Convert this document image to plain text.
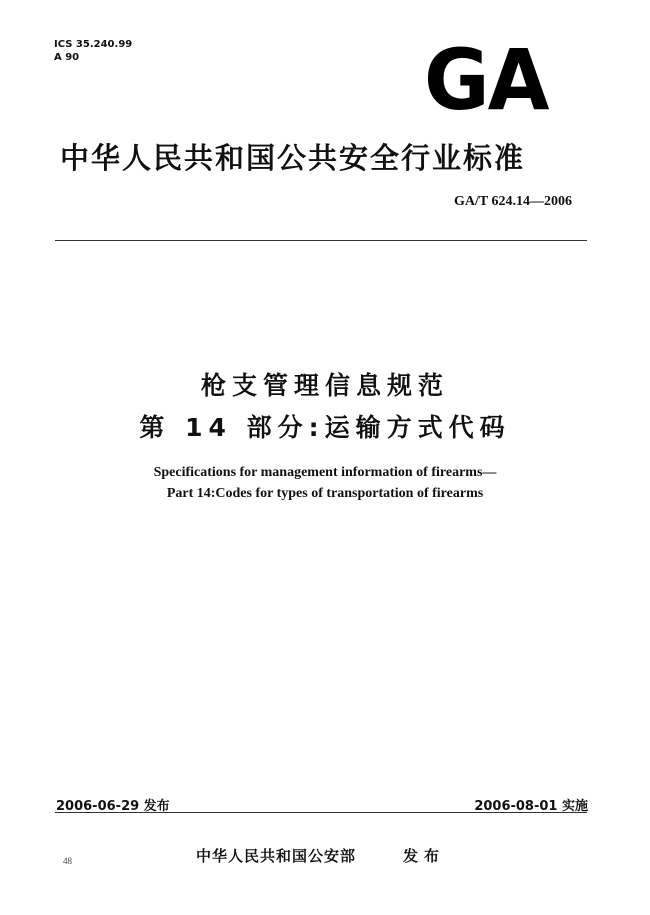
ICS 35.240.99
A 90	GA
中华人民共和国公共安全行业标准
GA/T 624.14—2006
枪支管理信息规范
第 14 部分:运输方式代码
Specifications for management information of firearms—
Part 14:Codes for types of transportation of firearms
2006-06-29 发布	2006-08-01 实施
中华人民共和国公安部	发布
48
